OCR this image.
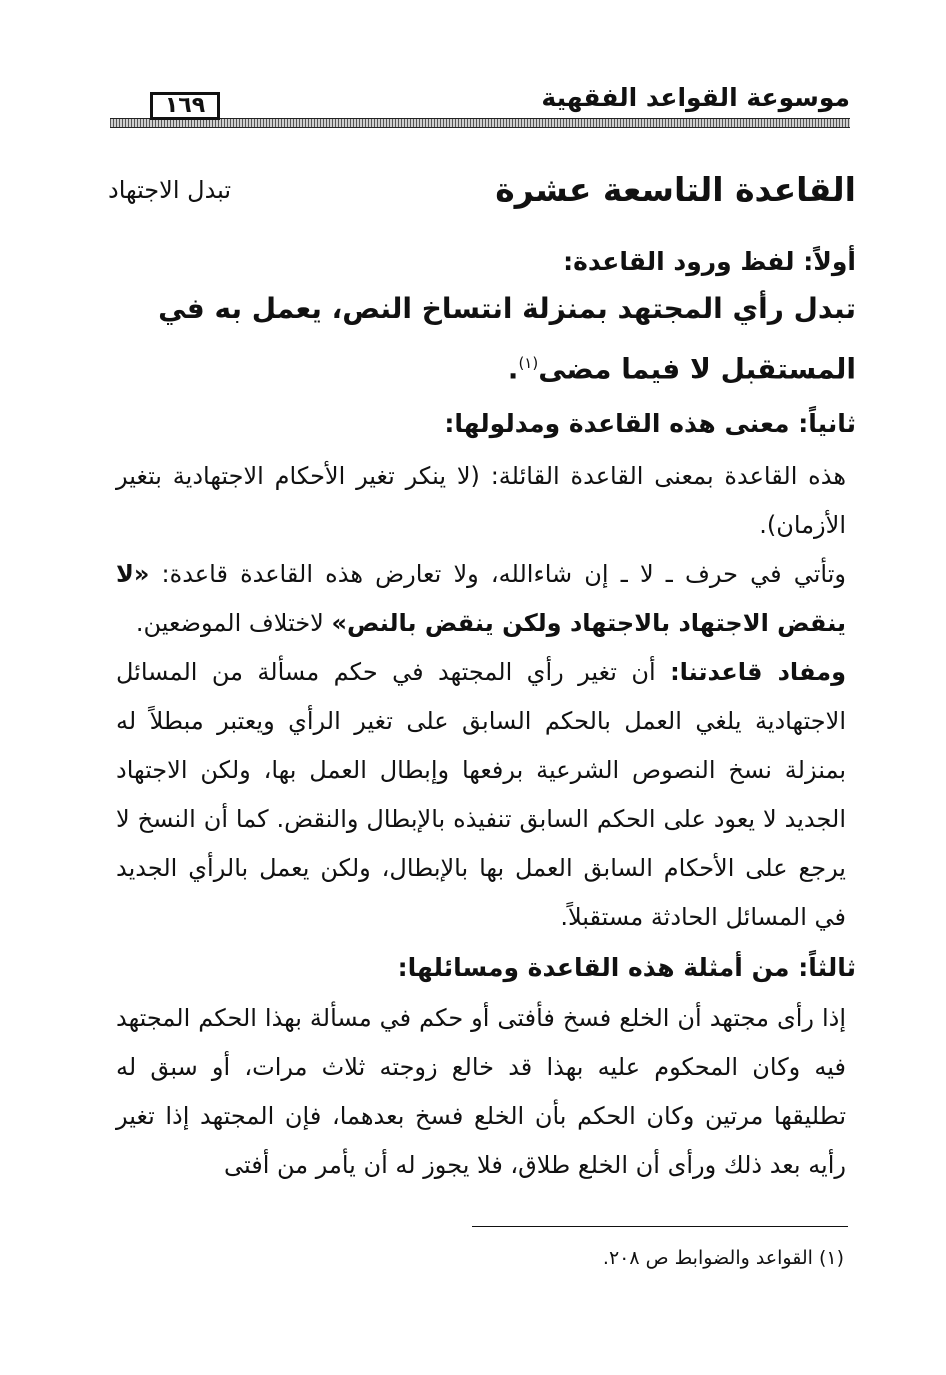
موسوعة القواعد الفقهية
١٦٩
القاعدة التاسعة عشرة
تبدل الاجتهاد
أولاً: لفظ ورود القاعدة:
تبدل رأي المجتهد بمنزلة انتساخ النص، يعمل به في المستقبل لا فيما مضى$^{(١)}$.
ثانياً: معنى هذه القاعدة ومدلولها:
هذه القاعدة بمعنى القاعدة القائلة: (لا ينكر تغير الأحكام الاجتهادية بتغير الأزمان).
وتأتي في حرف ـ لا ـ إن شاءالله، ولا تعارض هذه القاعدة قاعدة: «لا ينقض الاجتهاد بالاجتهاد ولكن ينقض بالنص» لاختلاف الموضعين.
ومفاد قاعدتنا: أن تغير رأي المجتهد في حكم مسألة من المسائل الاجتهادية يلغي العمل بالحكم السابق على تغير الرأي ويعتبر مبطلاً له بمنزلة نسخ النصوص الشرعية برفعها وإبطال العمل بها، ولكن الاجتهاد الجديد لا يعود على الحكم السابق تنفيذه بالإبطال والنقض. كما أن النسخ لا يرجع على الأحكام السابق العمل بها بالإبطال، ولكن يعمل بالرأي الجديد في المسائل الحادثة مستقبلاً.
ثالثاً: من أمثلة هذه القاعدة ومسائلها:
إذا رأى مجتهد أن الخلع فسخ فأفتى أو حكم في مسألة بهذا الحكم المجتهد فيه وكان المحكوم عليه بهذا قد خالع زوجته ثلاث مرات، أو سبق له تطليقها مرتين وكان الحكم بأن الخلع فسخ بعدهما، فإن المجتهد إذا تغير رأيه بعد ذلك ورأى أن الخلع طلاق، فلا يجوز له أن يأمر من أفتى
(١) القواعد والضوابط ص ٢٠٨.
